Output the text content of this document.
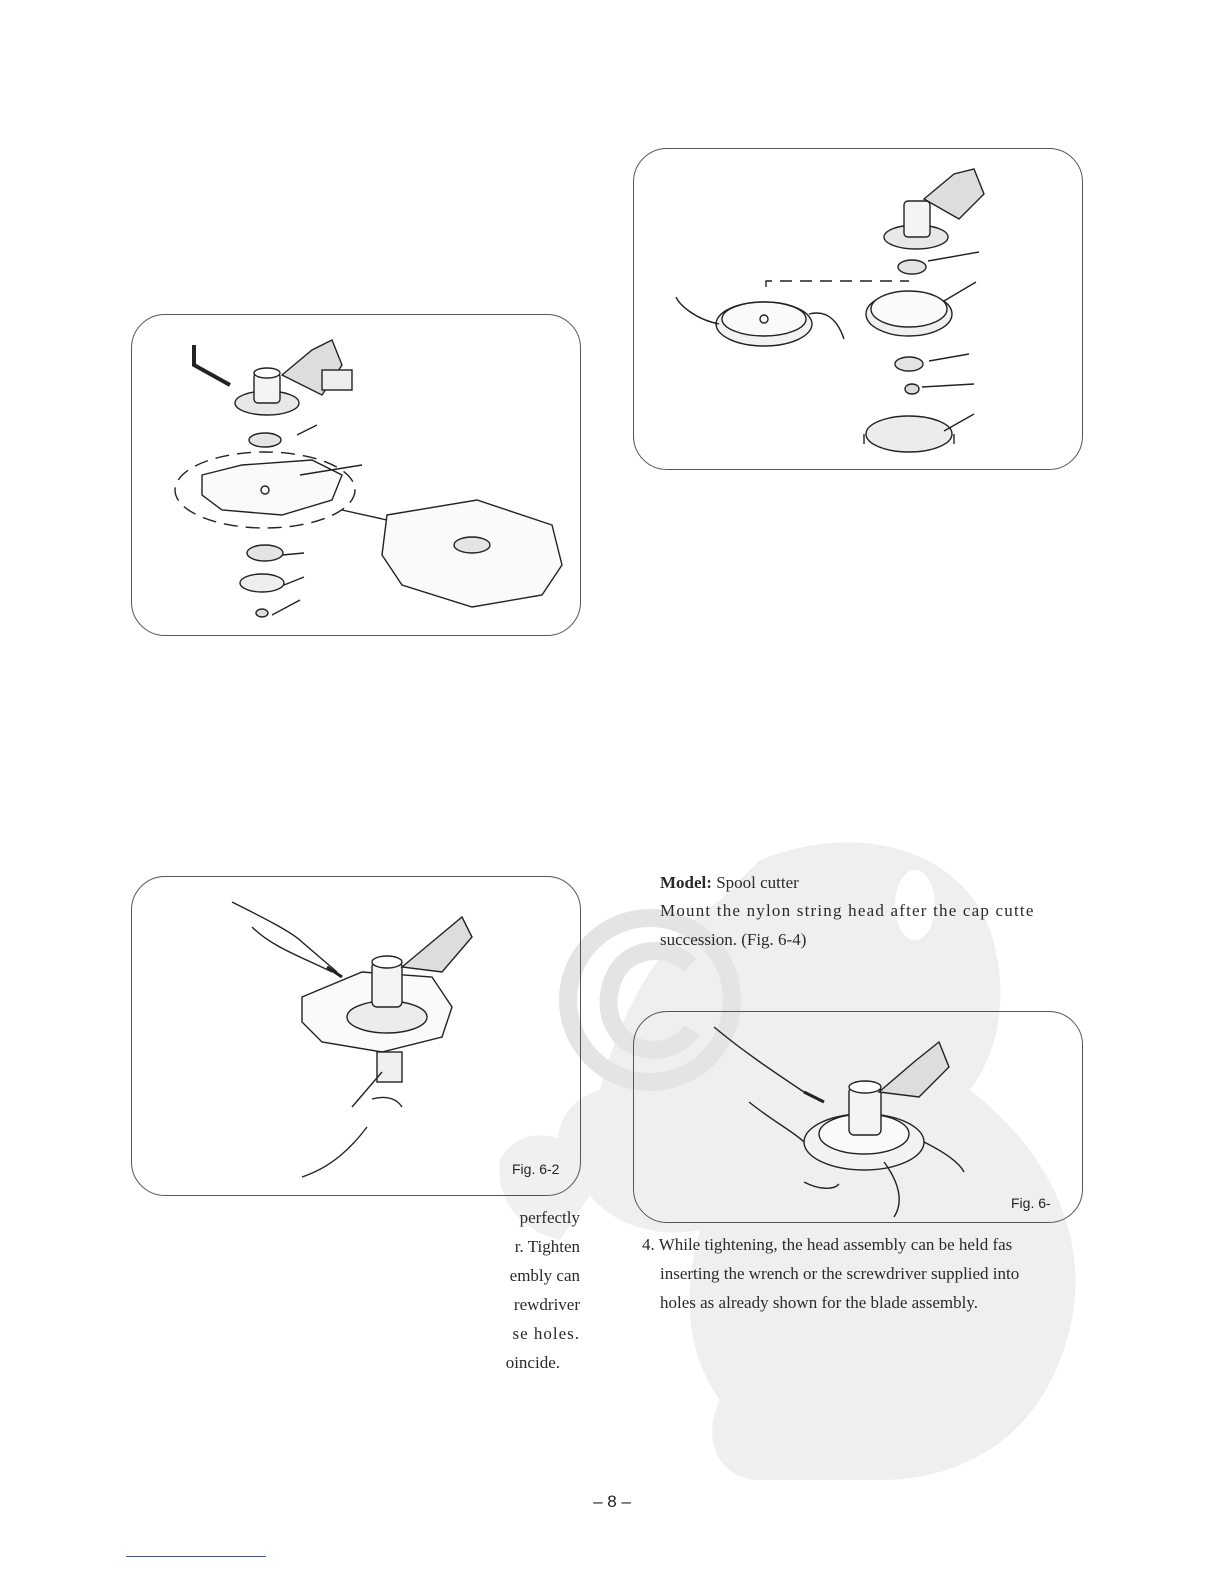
Fig. 6-2
Fig. 6-
Model: Spool cutter
Mount the nylon string head after the cap cutte
succession. (Fig. 6-4)
4. While tightening, the head assembly can be held fas
inserting the wrench or the screwdriver supplied into
holes as already shown for the blade assembly.
perfectly
r. Tighten
embly can
rewdriver
se holes.
oincide.
– 8 –
